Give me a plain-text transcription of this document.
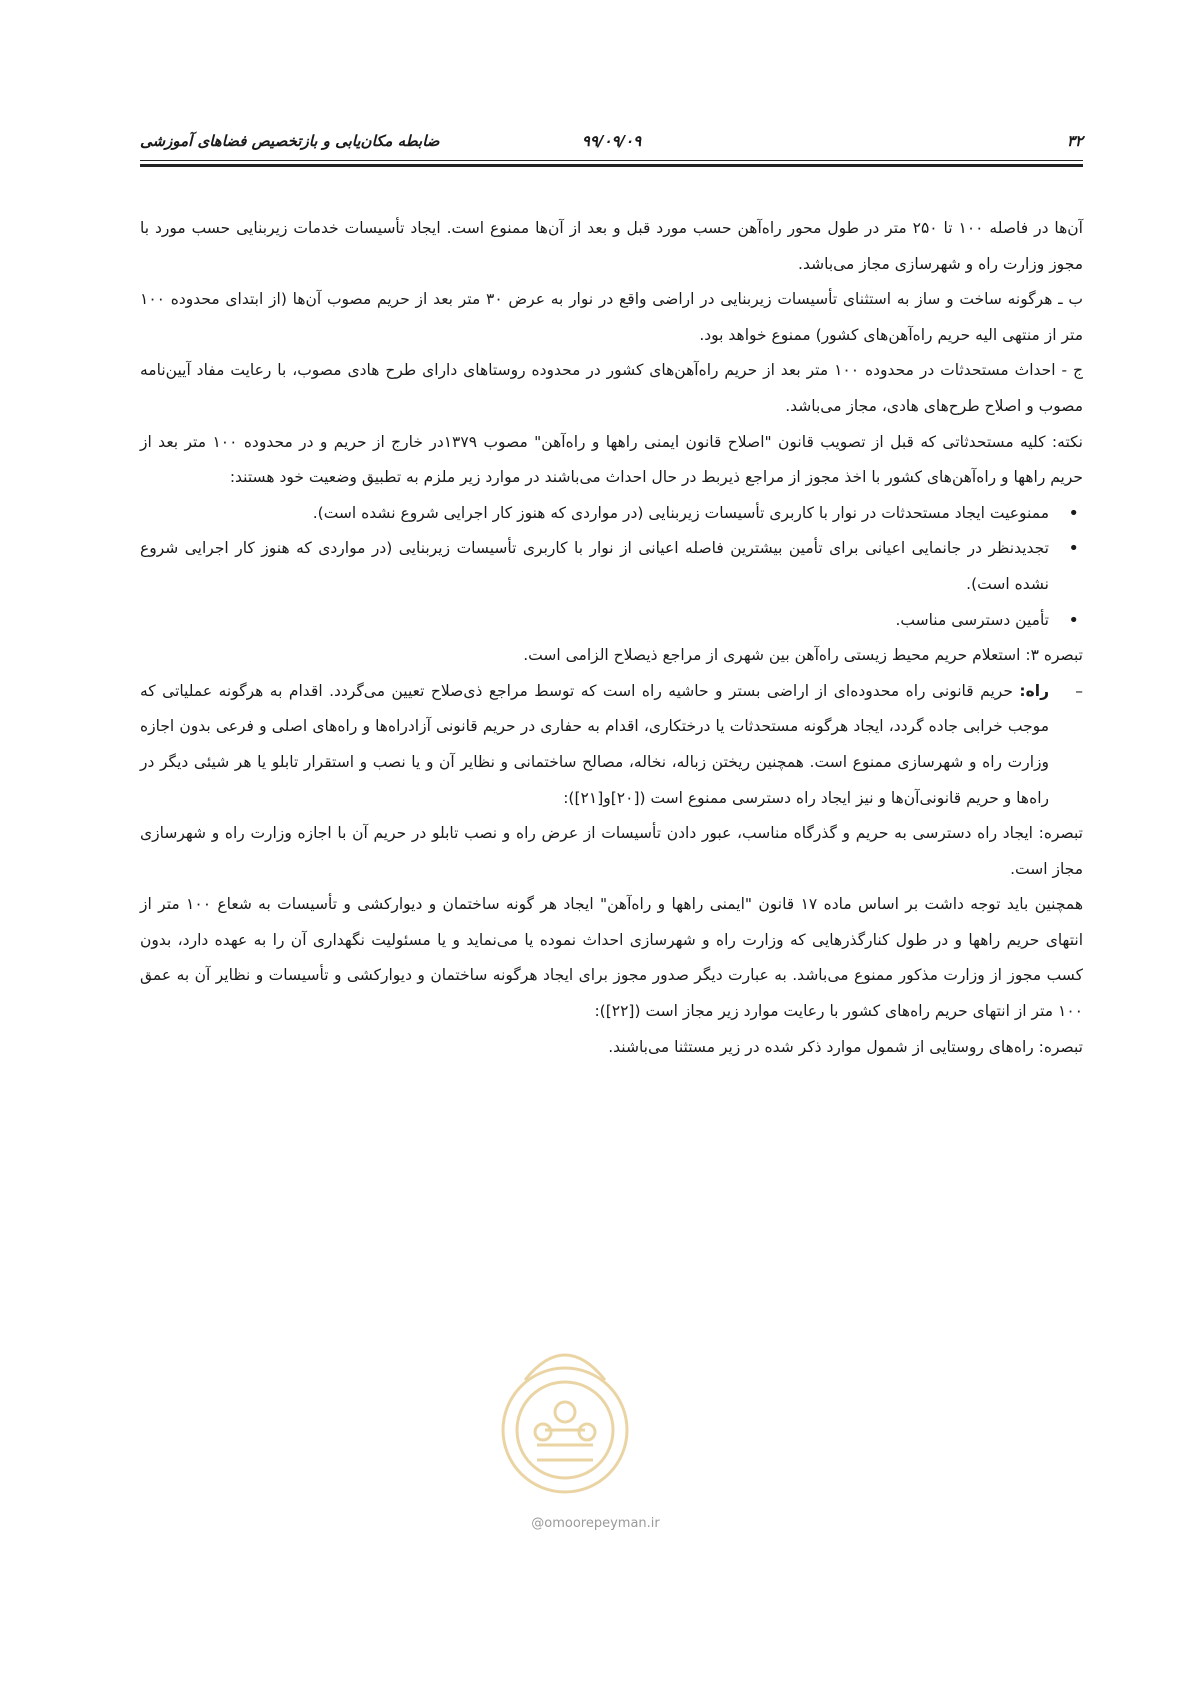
۳۲
۹۹/۰۹/۰۹
ضابطه مکان‌یابی و بازتخصیص فضاهای آموزشی

آن‌ها در فاصله ۱۰۰ تا ۲۵۰ متر در طول محور راه‌آهن حسب مورد قبل و بعد از آن‌ها ممنوع است. ایجاد تأسیسات خدمات زیربنایی حسب مورد با مجوز وزارت راه و شهرسازی مجاز می‌باشد.

ب ـ هرگونه ساخت و ساز به استثنای تأسیسات زیربنایی در اراضی واقع در نوار به عرض ۳۰ متر بعد از حریم مصوب آن‌ها (از ابتدای محدوده ۱۰۰ متر از منتهی الیه حریم راه‌آهن‌های کشور) ممنوع خواهد بود.

ج - احداث مستحدثات در محدوده ۱۰۰ متر بعد از حریم راه‌آهن‌های کشور در محدوده روستاهای دارای طرح هادی مصوب، با رعایت مفاد آیین‌نامه مصوب و اصلاح طرح‌های هادی، مجاز می‌باشد.

نکته: کلیه مستحدثاتی که قبل از تصویب قانون "اصلاح قانون ایمنی راهها و راه‌آهن" مصوب ۱۳۷۹در خارج از حریم و در محدوده ۱۰۰ متر بعد از حریم راهها و راه‌آهن‌های کشور با اخذ مجوز از مراجع ذیربط در حال احداث می‌باشند در موارد زیر ملزم به تطبیق وضعیت خود هستند:

• ممنوعیت ایجاد مستحدثات در نوار با کاربری تأسیسات زیربنایی (در مواردی که هنوز کار اجرایی شروع نشده است).
• تجدیدنظر در جانمایی اعیانی برای تأمین بیشترین فاصله اعیانی از نوار با کاربری تأسیسات زیربنایی (در مواردی که هنوز کار اجرایی شروع نشده است).
• تأمین دسترسی مناسب.

تبصره ۳: استعلام حریم محیط زیستی راه‌آهن بین شهری از مراجع ذیصلاح الزامی است.

–
راه: حریم قانونی راه محدوده‌ای از اراضی بستر و حاشیه راه است که توسط مراجع ذی‌صلاح تعیین می‌گردد. اقدام به هرگونه عملیاتی که موجب خرابی جاده گردد، ایجاد هرگونه مستحدثات یا درختکاری، اقدام به حفاری در حریم قانونی آزادراه‌ها و راه‌های اصلی و فرعی بدون اجازه وزارت راه و شهرسازی ممنوع است. همچنین ریختن زباله، نخاله، مصالح ساختمانی و نظایر آن و یا نصب و استقرار تابلو یا هر شیئی دیگر در راه‌ها و حریم قانونی‌آن‌ها و نیز ایجاد راه دسترسی ممنوع است ([۲۰]و[۲۱]):

تبصره: ایجاد راه دسترسی به حریم و گذرگاه مناسب، عبور دادن تأسیسات از عرض راه و نصب تابلو در حریم آن با اجازه وزارت راه و شهرسازی مجاز است.

همچنین باید توجه داشت بر اساس ماده ۱۷ قانون "ایمنی راهها و راه‌آهن" ایجاد هر گونه ساختمان و دیوارکشی و تأسیسات به شعاع ۱۰۰ متر از انتهای حریم راهها و در طول کنارگذرهایی که وزارت راه و شهرسازی احداث نموده یا می‌نماید و یا مسئولیت نگهداری آن را به عهده دارد، بدون کسب مجوز از وزارت مذکور ممنوع می‌باشد. به عبارت دیگر صدور مجوز برای ایجاد هرگونه ساختمان و دیوارکشی و تأسیسات و نظایر آن به عمق ۱۰۰ متر از انتهای حریم راه‌های کشور با رعایت موارد زیر مجاز است ([۲۲]):

تبصره: راه‌های روستایی از شمول موارد ذکر شده در زیر مستثنا می‌باشند.

@omoorepeyman.ir
